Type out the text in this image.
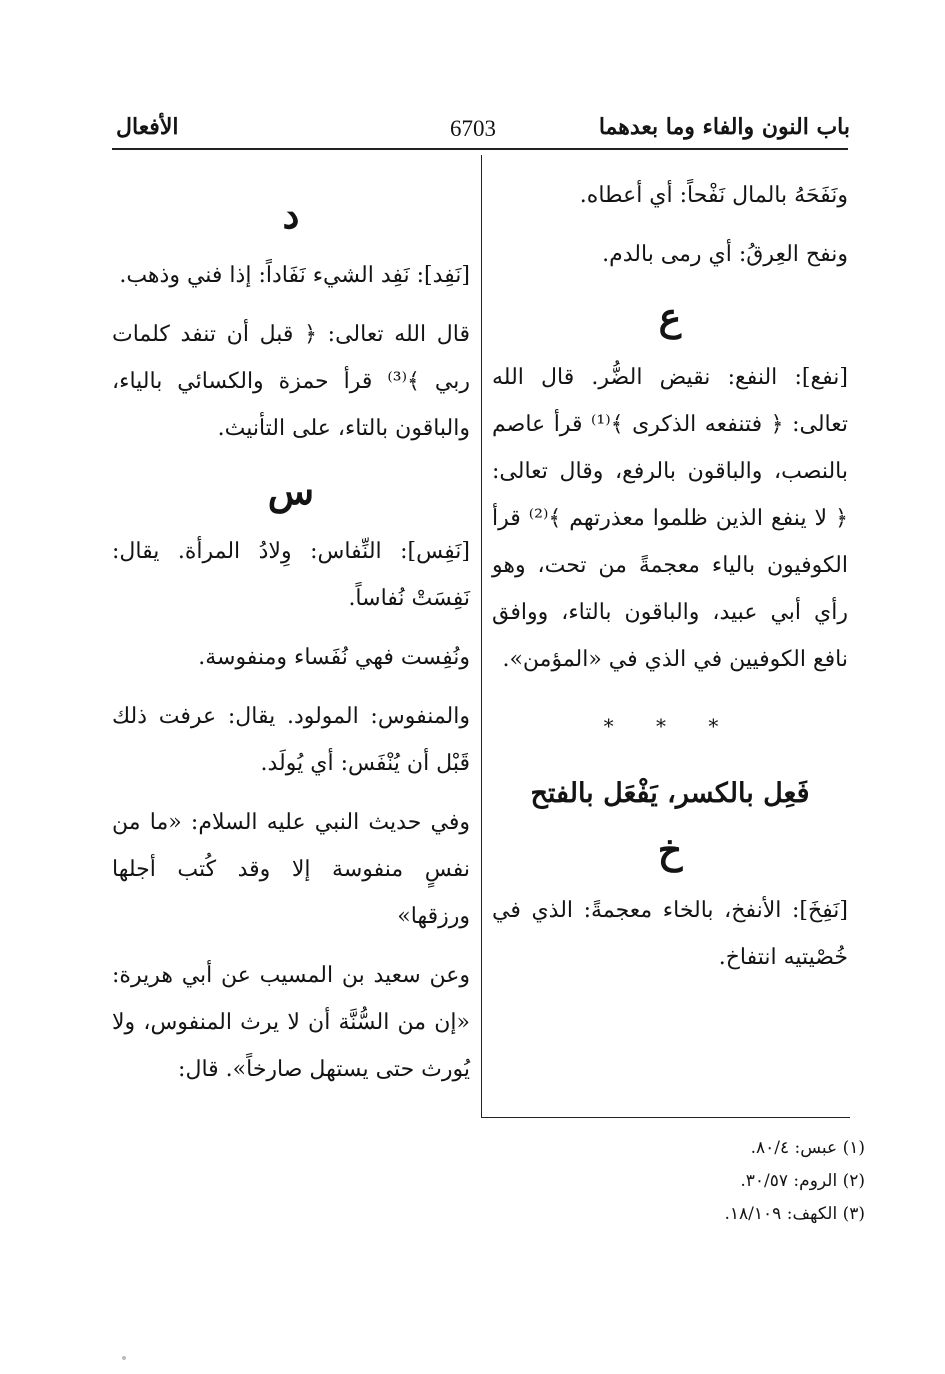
الأفعال	6703	باب النون والفاء وما بعدهما

ونَفَحَهُ بالمال نَفْحاً: أي أعطاه.

ونفح العِرقُ: أي رمى بالدم.

ع

[نفع]: النفع: نقيض الضُّر. قال الله تعالى: ﴿ فتنفعه الذكرى ﴾⁽¹⁾ قرأ عاصم بالنصب، والباقون بالرفع، وقال تعالى: ﴿ لا ينفع الذين ظلموا معذرتهم ﴾⁽²⁾ قرأ الكوفيون بالياء معجمةً من تحت، وهو رأي أبي عبيد، والباقون بالتاء، ووافق نافع الكوفيين في الذي في «المؤمن».

* * *
فَعِل بالكسر، يَفْعَل بالفتح
خ

[نَفِخَ]: الأنفخ، بالخاء معجمةً: الذي في خُصْيتيه انتفاخ.

د

[نَفِد]: نَفِد الشيء نَفَاداً: إذا فني وذهب.

قال الله تعالى: ﴿ قبل أن تنفد كلمات ربي ﴾⁽³⁾ قرأ حمزة والكسائي بالياء، والباقون بالتاء، على التأنيث.

س

[نَفِس]: النِّفاس: وِلادُ المرأة. يقال: نَفِسَتْ نُفاساً.

ونُفِست فهي نُفَساء ومنفوسة.

والمنفوس: المولود. يقال: عرفت ذلك قَبْل أن يُنْفَس: أي يُولَد.

وفي حديث النبي عليه السلام: «ما من نفسٍ منفوسة إلا وقد كُتب أجلها ورزقها»

وعن سعيد بن المسيب عن أبي هريرة: «إن من السُّنَّة أن لا يرث المنفوس، ولا يُورث حتى يستهل صارخاً». قال:

(١) عبس: ٨٠/٤.
(٢) الروم: ٣٠/٥٧.
(٣) الكهف: ١٨/١٠٩.
